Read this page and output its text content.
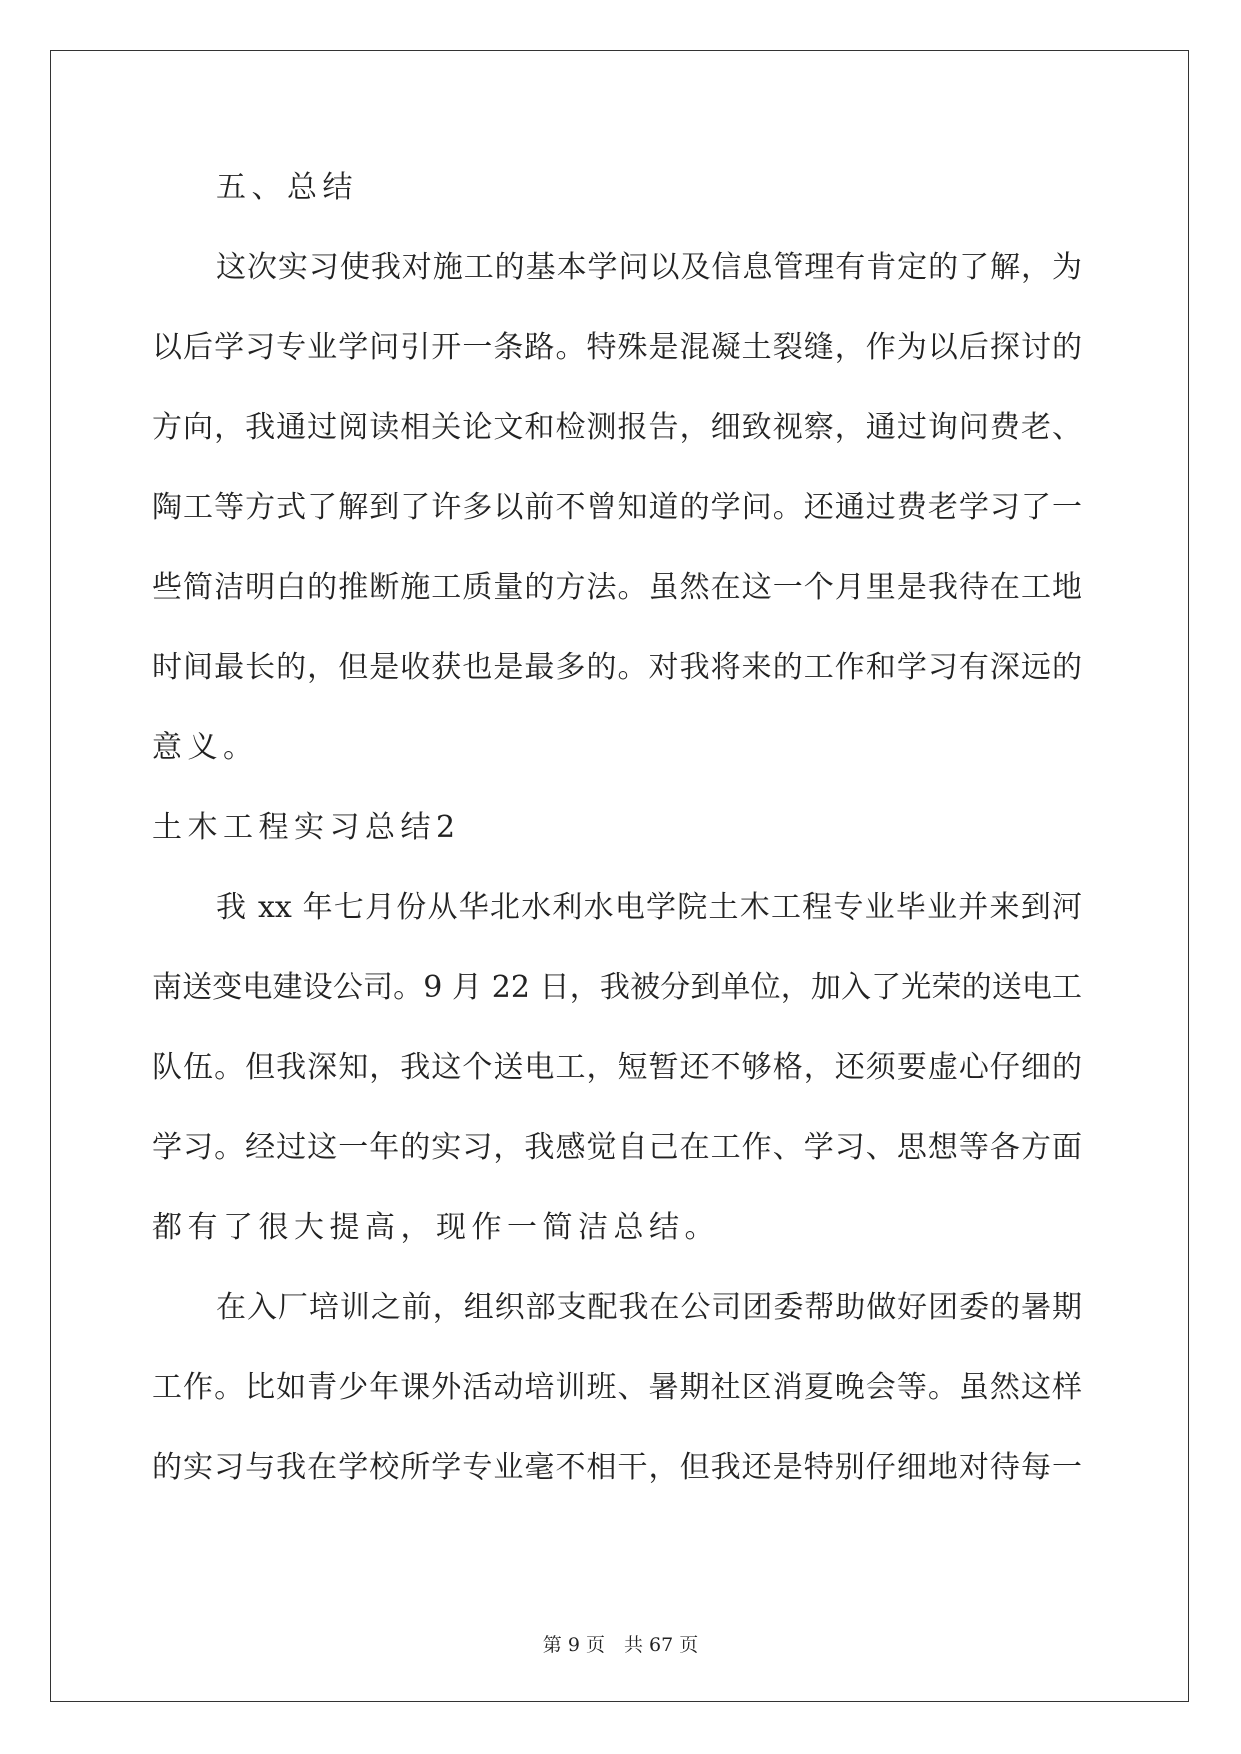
五、总结
这次实习使我对施工的基本学问以及信息管理有肯定的了解，为
以后学习专业学问引开一条路。特殊是混凝土裂缝，作为以后探讨的
方向，我通过阅读相关论文和检测报告，细致视察，通过询问费老、
陶工等方式了解到了许多以前不曾知道的学问。还通过费老学习了一
些简洁明白的推断施工质量的方法。虽然在这一个月里是我待在工地
时间最长的，但是收获也是最多的。对我将来的工作和学习有深远的
意义。
土木工程实习总结2
我 xx 年七月份从华北水利水电学院土木工程专业毕业并来到河
南送变电建设公司。9 月 22 日，我被分到单位，加入了光荣的送电工
队伍。但我深知，我这个送电工，短暂还不够格，还须要虚心仔细的
学习。经过这一年的实习，我感觉自己在工作、学习、思想等各方面
都有了很大提高，现作一简洁总结。
在入厂培训之前，组织部支配我在公司团委帮助做好团委的暑期
工作。比如青少年课外活动培训班、暑期社区消夏晚会等。虽然这样
的实习与我在学校所学专业毫不相干，但我还是特别仔细地对待每一
第 9 页　共 67 页
